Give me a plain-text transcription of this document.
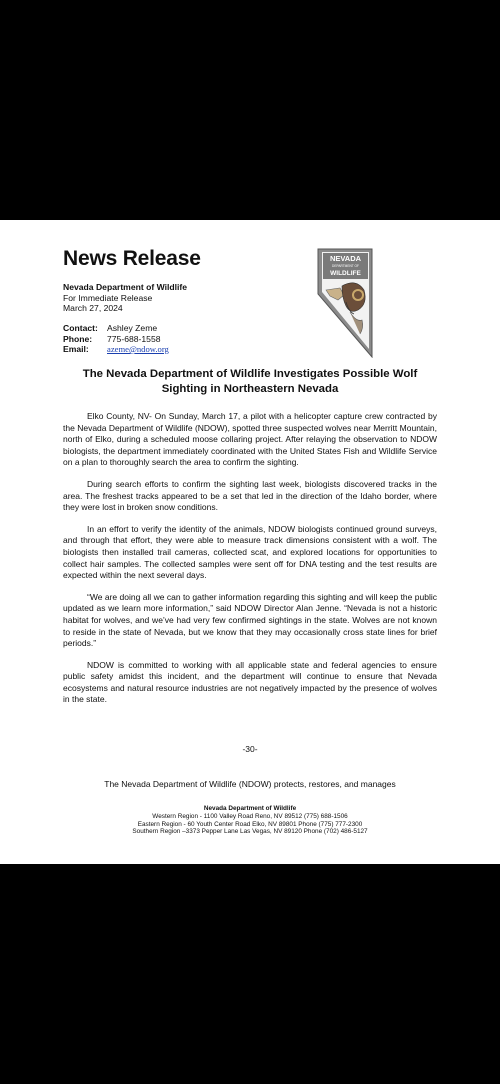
News Release
Nevada Department of Wildlife
For Immediate Release
March 27, 2024
Contact:	Ashley Zeme
Phone:	775-688-1558
Email:	azeme@ndow.org
NEVADA
DEPARTMENT OF
WILDLIFE
The Nevada Department of Wildlife Investigates Possible Wolf
Sighting in Northeastern Nevada

Elko County, NV- On Sunday, March 17, a pilot with a helicopter capture crew contracted by the Nevada Department of Wildlife (NDOW), spotted three suspected wolves near Merritt Mountain, north of Elko, during a scheduled moose collaring project. After relaying the observation to NDOW biologists, the department immediately coordinated with the United States Fish and Wildlife Service on a plan to thoroughly search the area to confirm the sighting.

During search efforts to confirm the sighting last week, biologists discovered tracks in the area. The freshest tracks appeared to be a set that led in the direction of the Idaho border, where they were lost in broken snow conditions.

In an effort to verify the identity of the animals, NDOW biologists continued ground surveys, and through that effort, they were able to measure track dimensions consistent with a wolf. The biologists then installed trail cameras, collected scat, and explored locations for opportunities to collect hair samples. The collected samples were sent off for DNA testing and the test results are expected within the next several days.

“We are doing all we can to gather information regarding this sighting and will keep the public updated as we learn more information,” said NDOW Director Alan Jenne. “Nevada is not a historic habitat for wolves, and we’ve had very few confirmed sightings in the state. Wolves are not known to reside in the state of Nevada, but we know that they may occasionally cross state lines for brief periods.”

NDOW is committed to working with all applicable state and federal agencies to ensure public safety amidst this incident, and the department will continue to ensure that Nevada ecosystems and natural resource industries are not negatively impacted by the presence of wolves in the state.

-30-
The Nevada Department of Wildlife (NDOW) protects, restores, and manages
Nevada Department of Wildlife
Western Region - 1100 Valley Road Reno, NV 89512 (775) 688-1506
Eastern Region - 60 Youth Center Road Elko, NV 89801 Phone (775) 777-2300
Southern Region –3373 Pepper Lane Las Vegas, NV 89120 Phone (702) 486-5127
